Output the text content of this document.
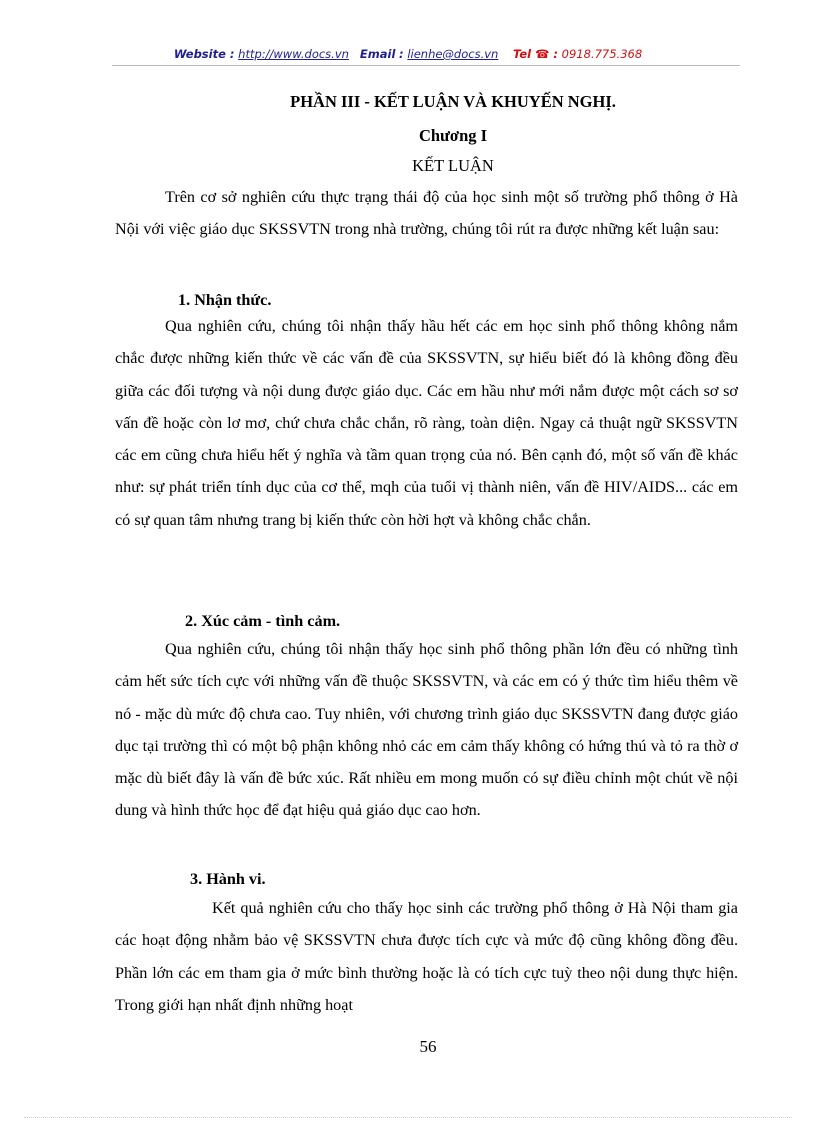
Website : http://www.docs.vn Email : lienhe@docs.vn Tel ☎ : 0918.775.368
PHẦN III - KẾT LUẬN VÀ KHUYẾN NGHỊ.
Chương I
KẾT LUẬN

Trên cơ sở nghiên cứu thực trạng thái độ của học sinh một số trường phổ thông ở Hà Nội với việc giáo dục SKSSVTN trong nhà trường, chúng tôi rút ra được những kết luận sau:

1. Nhận thức.

Qua nghiên cứu, chúng tôi nhận thấy hầu hết các em học sinh phổ thông không nắm chắc được những kiến thức về các vấn đề của SKSSVTN, sự hiểu biết đó là không đồng đều giữa các đối tượng và nội dung được giáo dục. Các em hầu như mới nắm được một cách sơ sơ vấn đề hoặc còn lơ mơ, chứ chưa chắc chắn, rõ ràng, toàn diện. Ngay cả thuật ngữ SKSSVTN các em cũng chưa hiểu hết ý nghĩa và tầm quan trọng của nó. Bên cạnh đó, một số vấn đề khác như: sự phát triển tính dục của cơ thể, mqh của tuổi vị thành niên, vấn đề HIV/AIDS... các em có sự quan tâm nhưng trang bị kiến thức còn hời hợt và không chắc chắn.

2. Xúc cảm - tình cảm.

Qua nghiên cứu, chúng tôi nhận thấy học sinh phổ thông phần lớn đều có những tình cảm hết sức tích cực với những vấn đề thuộc SKSSVTN, và các em có ý thức tìm hiểu thêm về nó - mặc dù mức độ chưa cao. Tuy nhiên, với chương trình giáo dục SKSSVTN đang được giáo dục tại trường thì có một bộ phận không nhỏ các em cảm thấy không có hứng thú và tỏ ra thờ ơ mặc dù biết đây là vấn đề bức xúc. Rất nhiều em mong muốn có sự điều chỉnh một chút về nội dung và hình thức học để đạt hiệu quả giáo dục cao hơn.

3. Hành vi.

Kết quả nghiên cứu cho thấy học sinh các trường phổ thông ở Hà Nội tham gia các hoạt động nhằm bảo vệ SKSSVTN chưa được tích cực và mức độ cũng không đồng đều. Phần lớn các em tham gia ở mức bình thường hoặc là có tích cực tuỳ theo nội dung thực hiện. Trong giới hạn nhất định những hoạt

56
